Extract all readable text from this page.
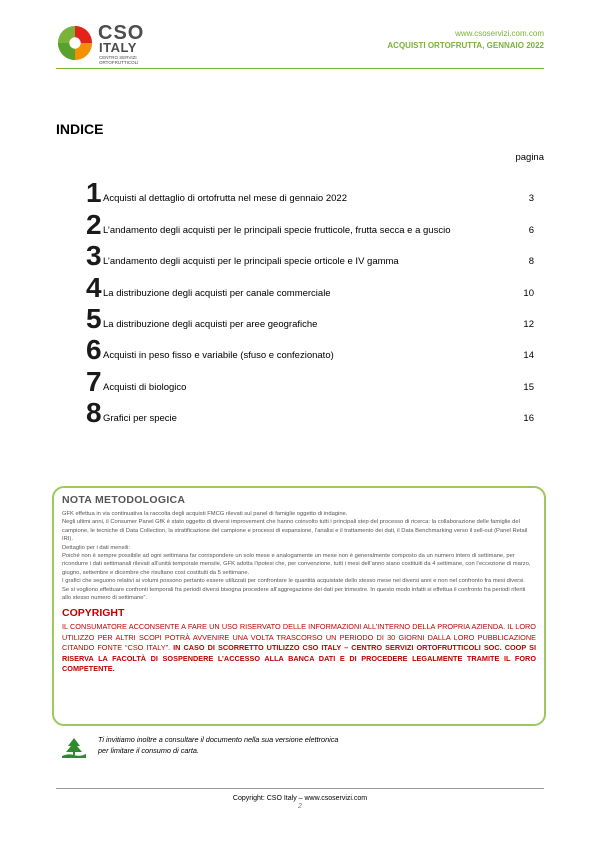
CSO
ITALY
CENTRO SERVIZI ORTOFRUTTICOLI
www.csoservizi.com.com
ACQUISTI ORTOFRUTTA, GENNAIO 2022
INDICE
pagina
1 Acquisti al dettaglio di ortofrutta nel mese di gennaio 2022	3
2 L’andamento degli acquisti per le principali specie frutticole, frutta secca e a guscio	6
3 L’andamento degli acquisti per le principali specie orticole e IV gamma	8
4 La distribuzione degli acquisti per canale commerciale	10
5 La distribuzione degli acquisti per aree geografiche	12
6 Acquisti in peso fisso e variabile (sfuso e confezionato)	14
7 Acquisti di biologico	15
8 Grafici per specie	16
NOTA METODOLOGICA

GFK effettua in via continuativa la raccolta degli acquisti FMCG rilevati sul panel di famiglie oggetto di indagine.

Negli ultimi anni, il Consumer Panel GfK è stato oggetto di diversi improvement che hanno coinvolto tutti i principali step del processo di ricerca: la collaborazione delle famiglie del campione, le tecniche di Data Collection, la stratificazione del campione e processi di espansione, l’analisi e il trattamento dei dati, il Data Benchmarking verso il sell-out (Panel Retail IRI).

Dettaglio per i dati mensili:

Poiché non è sempre possibile ad ogni settimana far corrispondere un solo mese e analogamente un mese non è generalmente composto da un numero intero di settimane, per ricondurre i dati settimanali rilevati all’unità temporale mensile, GFK adotta l’ipotesi che, per convenzione, tutti i mesi dell’anno siano costituiti da 4 settimane, con l’eccezione di marzo, giugno, settembre e dicembre che risultano così costituiti da 5 settimane.

I grafici che seguono relativi ai volumi possono pertanto essere utilizzati per confrontare le quantità acquistate dello stesso mese nei diversi anni e non nel confronto fra mesi diversi.

Se si vogliono effettuare confronti temporali fra periodi diversi bisogna procedere all’aggregazione dei dati per trimestre. In questo modo infatti si effettua il confronto fra periodi riferiti allo stesso numero di settimane”.

COPYRIGHT

IL CONSUMATORE ACCONSENTE A FARE UN USO RISERVATO DELLE INFORMAZIONI ALL’INTERNO DELLA PROPRIA AZIENDA. IL LORO UTILIZZO PER ALTRI SCOPI POTRÀ AVVENIRE UNA VOLTA TRASCORSO UN PERIODO DI 30 GIORNI DALLA LORO PUBBLICAZIONE CITANDO FONTE “CSO ITALY”. IN CASO DI SCORRETTO UTILIZZO CSO ITALY – CENTRO SERVIZI ORTOFRUTTICOLI SOC. COOP SI RISERVA LA FACOLTÀ DI SOSPENDERE L’ACCESSO ALLA BANCA DATI E DI PROCEDERE LEGALMENTE TRAMITE IL FORO COMPETENTE.

Ti invitiamo inoltre a consultare il documento nella sua versione elettronica
per limitare il consumo di carta.
Copyright: CSO Italy – www.csoservizi.com
2
